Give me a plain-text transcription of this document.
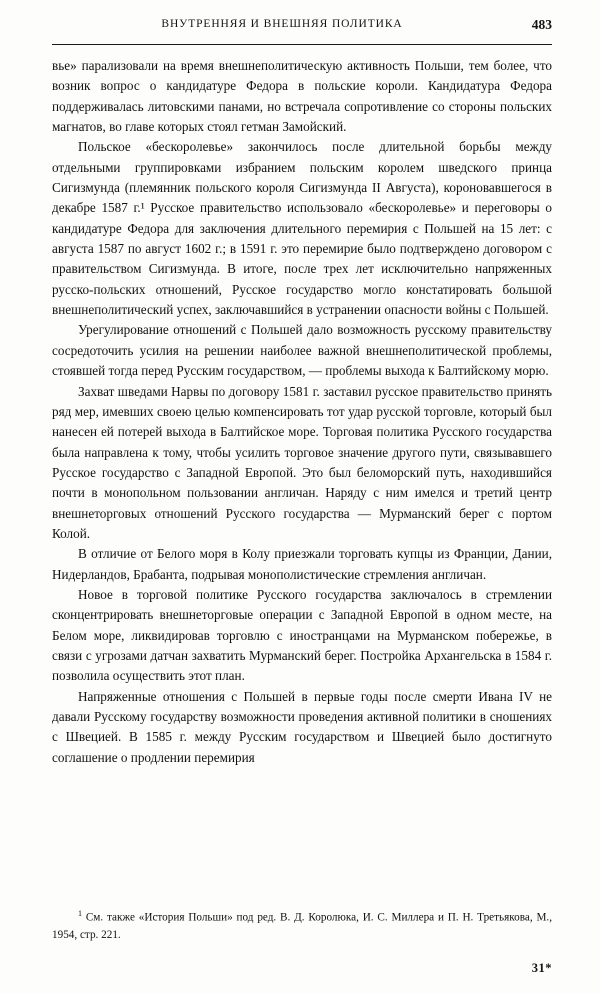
ВНУТРЕННЯЯ И ВНЕШНЯЯ ПОЛИТИКА	483

вье» парализовали на время внешнеполитическую активность Польши, тем более, что возник вопрос о кандидатуре Федора в польские короли. Кандидатура Федора поддерживалась литовскими панами, но встречала сопротивление со стороны польских магнатов, во главе которых стоял гетман Замойский.

Польское «бескоролевье» закончилось после длительной борьбы между отдельными группировками избранием польским королем шведского принца Сигизмунда (племянник польского короля Сигизмунда II Августа), короновавшегося в декабре 1587 г.¹ Русское правительство использовало «бескоролевье» и переговоры о кандидатуре Федора для заключения длительного перемирия с Польшей на 15 лет: с августа 1587 по август 1602 г.; в 1591 г. это перемирие было подтверждено договором с правительством Сигизмунда. В итоге, после трех лет исключительно напряженных русско-польских отношений, Русское государство могло констатировать большой внешнеполитический успех, заключавшийся в устранении опасности войны с Польшей.

Урегулирование отношений с Польшей дало возможность русскому правительству сосредоточить усилия на решении наиболее важной внешнеполитической проблемы, стоявшей тогда перед Русским государством, — проблемы выхода к Балтийскому морю.

Захват шведами Нарвы по договору 1581 г. заставил русское правительство принять ряд мер, имевших своею целью компенсировать тот удар русской торговле, который был нанесен ей потерей выхода в Балтийское море. Торговая политика Русского государства была направлена к тому, чтобы усилить торговое значение другого пути, связывавшего Русское государство с Западной Европой. Это был беломорский путь, находившийся почти в монопольном пользовании англичан. Наряду с ним имелся и третий центр внешнеторговых отношений Русского государства — Мурманский берег с портом Колой.

В отличие от Белого моря в Колу приезжали торговать купцы из Франции, Дании, Нидерландов, Брабанта, подрывая монополистические стремления англичан.

Новое в торговой политике Русского государства заключалось в стремлении сконцентрировать внешнеторговые операции с Западной Европой в одном месте, на Белом море, ликвидировав торговлю с иностранцами на Мурманском побережье, в связи с угрозами датчан захватить Мурманский берег. Постройка Архангельска в 1584 г. позволила осуществить этот план.

Напряженные отношения с Польшей в первые годы после смерти Ивана IV не давали Русскому государству возможности проведения активной политики в сношениях с Швецией. В 1585 г. между Русским государством и Швецией было достигнуто соглашение о продлении перемирия

$^1$ См. также «История Польши» под ред. В. Д. Королюка, И. С. Миллера и П. Н. Третьякова, М., 1954, стр. 221.
31*
